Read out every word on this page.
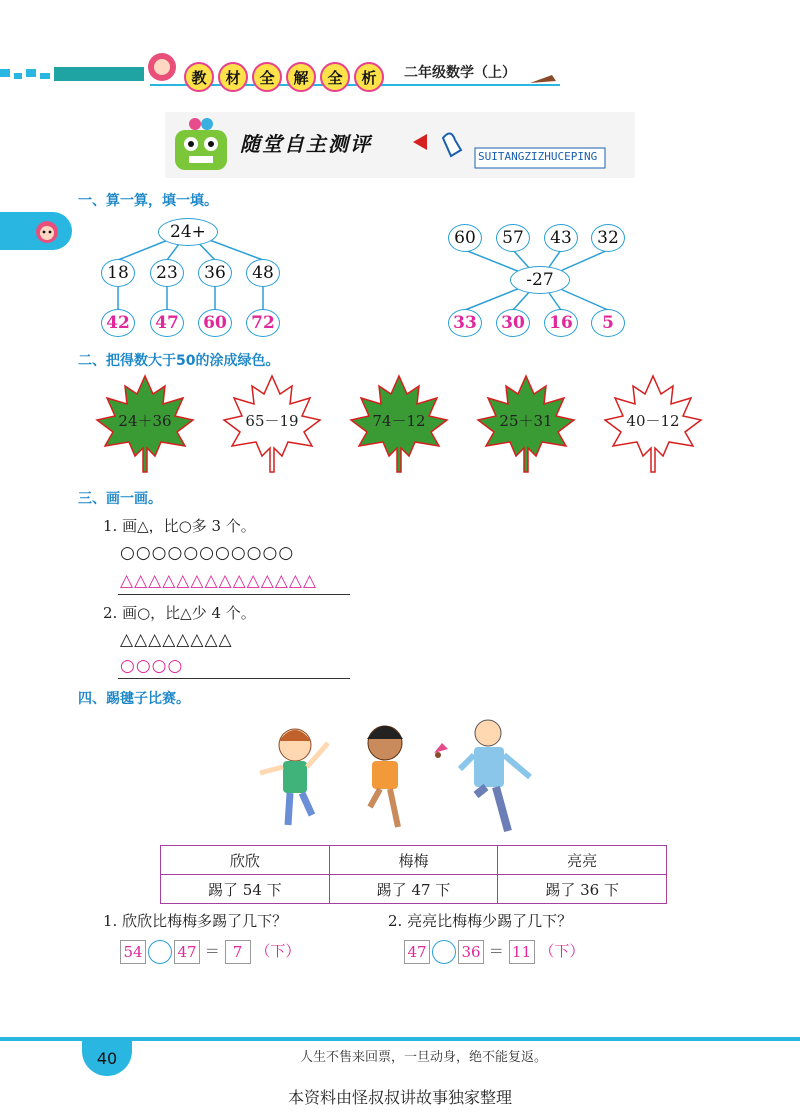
教	材	全	解	全	析	二年级数学（上）
随堂自主测评
SUITANGZIZHUCEPING
一、算一算，填一填。
24+
18	23	36	48
42	47	60	72
60	57	43	32
-27
33	30	16	5
二、把得数大于50的涂成绿色。
24＋36	65－19	74－12	25＋31	40－12
三、画一画。
1. 画△，比○多 3 个。
○○○○○○○○○○○
△△△△△△△△△△△△△△
2. 画○，比△少 4 个。
△△△△△△△△
○○○○
四、踢毽子比赛。
欣欣	梅梅	亮亮
踢了 54 下	踢了 47 下	踢了 36 下
1. 欣欣比梅梅多踢了几下？
54 47 ＝ 7 （下）
2. 亮亮比梅梅少踢了几下？
47 36 ＝ 11 （下）
40	人生不售来回票，一旦动身，绝不能复返。
本资料由怪叔叔讲故事独家整理
